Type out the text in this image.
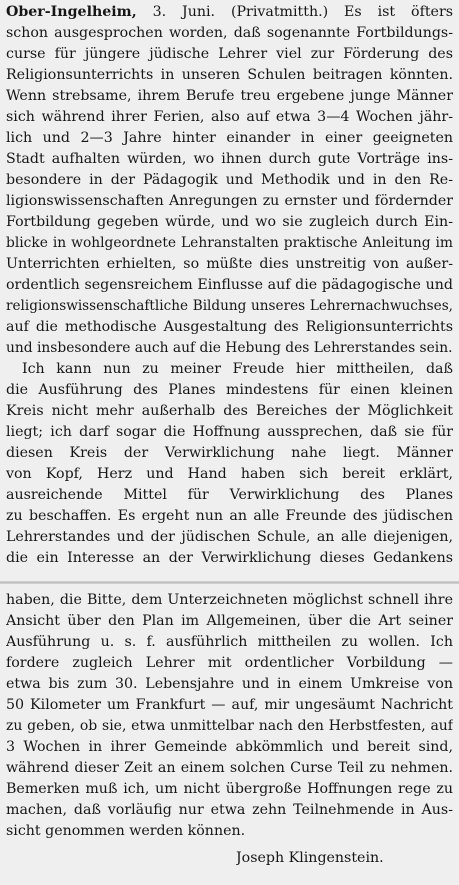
Ober-Ingelheim, 3. Juni. (Privatmitth.) Es ist öfters
schon ausgesprochen worden, daß sogenannte Fortbildungs-
curse für jüngere jüdische Lehrer viel zur Förderung des
Religionsunterrichts in unseren Schulen beitragen könnten.
Wenn strebsame, ihrem Berufe treu ergebene junge Männer
sich während ihrer Ferien, also auf etwa 3—4 Wochen jähr-
lich und 2—3 Jahre hinter einander in einer geeigneten
Stadt aufhalten würden, wo ihnen durch gute Vorträge ins-
besondere in der Pädagogik und Methodik und in den Re-
ligionswissenschaften Anregungen zu ernster und fördernder
Fortbildung gegeben würde, und wo sie zugleich durch Ein-
blicke in wohlgeordnete Lehranstalten praktische Anleitung im
Unterrichten erhielten, so müßte dies unstreitig von außer-
ordentlich segensreichem Einflusse auf die pädagogische und
religionswissenschaftliche Bildung unseres Lehrernachwuchses,
auf die methodische Ausgestaltung des Religionsunterrichts
und insbesondere auch auf die Hebung des Lehrerstandes sein.
Ich kann nun zu meiner Freude hier mittheilen, daß
die Ausführung des Planes mindestens für einen kleinen
Kreis nicht mehr außerhalb des Bereiches der Möglichkeit
liegt; ich darf sogar die Hoffnung aussprechen, daß sie für
diesen Kreis der Verwirklichung nahe liegt. Männer
von Kopf, Herz und Hand haben sich bereit erklärt,
ausreichende Mittel für Verwirklichung des Planes
zu beschaffen. Es ergeht nun an alle Freunde des jüdischen
Lehrerstandes und der jüdischen Schule, an alle diejenigen,
die ein Interesse an der Verwirklichung dieses Gedankens
haben, die Bitte, dem Unterzeichneten möglichst schnell ihre
Ansicht über den Plan im Allgemeinen, über die Art seiner
Ausführung u. s. f. ausführlich mittheilen zu wollen. Ich
fordere zugleich Lehrer mit ordentlicher Vorbildung —
etwa bis zum 30. Lebensjahre und in einem Umkreise von
50 Kilometer um Frankfurt — auf, mir ungesäumt Nachricht
zu geben, ob sie, etwa unmittelbar nach den Herbstfesten, auf
3 Wochen in ihrer Gemeinde abkömmlich und bereit sind,
während dieser Zeit an einem solchen Curse Teil zu nehmen.
Bemerken muß ich, um nicht übergroße Hoffnungen rege zu
machen, daß vorläufig nur etwa zehn Teilnehmende in Aus-
sicht genommen werden können.
Joseph Klingenstein.
